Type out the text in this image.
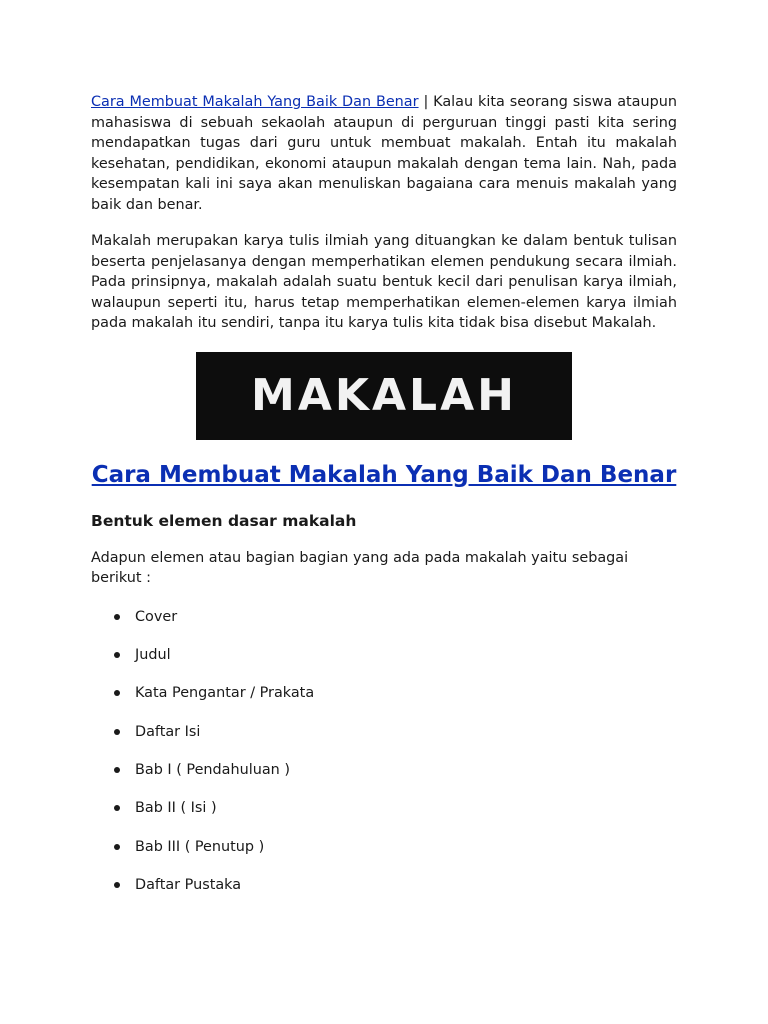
Cara Membuat Makalah Yang Baik Dan Benar | Kalau kita seorang siswa ataupun mahasiswa di sebuah sekaolah ataupun di perguruan tinggi pasti kita sering mendapatkan tugas dari guru untuk membuat makalah. Entah itu makalah kesehatan, pendidikan, ekonomi ataupun makalah dengan tema lain. Nah, pada kesempatan kali ini saya akan menuliskan bagaiana cara menuis makalah yang baik dan benar.

Makalah merupakan karya tulis ilmiah yang dituangkan ke dalam bentuk tulisan beserta penjelasanya dengan memperhatikan elemen pendukung secara ilmiah. Pada prinsipnya, makalah adalah suatu bentuk kecil dari penulisan karya ilmiah, walaupun seperti itu, harus tetap memperhatikan elemen-elemen karya ilmiah pada makalah itu sendiri, tanpa itu karya tulis kita tidak bisa disebut Makalah.

MAKALAH
Cara Membuat Makalah Yang Baik Dan Benar
Bentuk elemen dasar makalah
Adapun elemen atau bagian bagian yang ada pada makalah yaitu sebagai berikut :
Cover
Judul
Kata Pengantar / Prakata
Daftar Isi
Bab I ( Pendahuluan )
Bab II ( Isi )
Bab III ( Penutup )
Daftar Pustaka
